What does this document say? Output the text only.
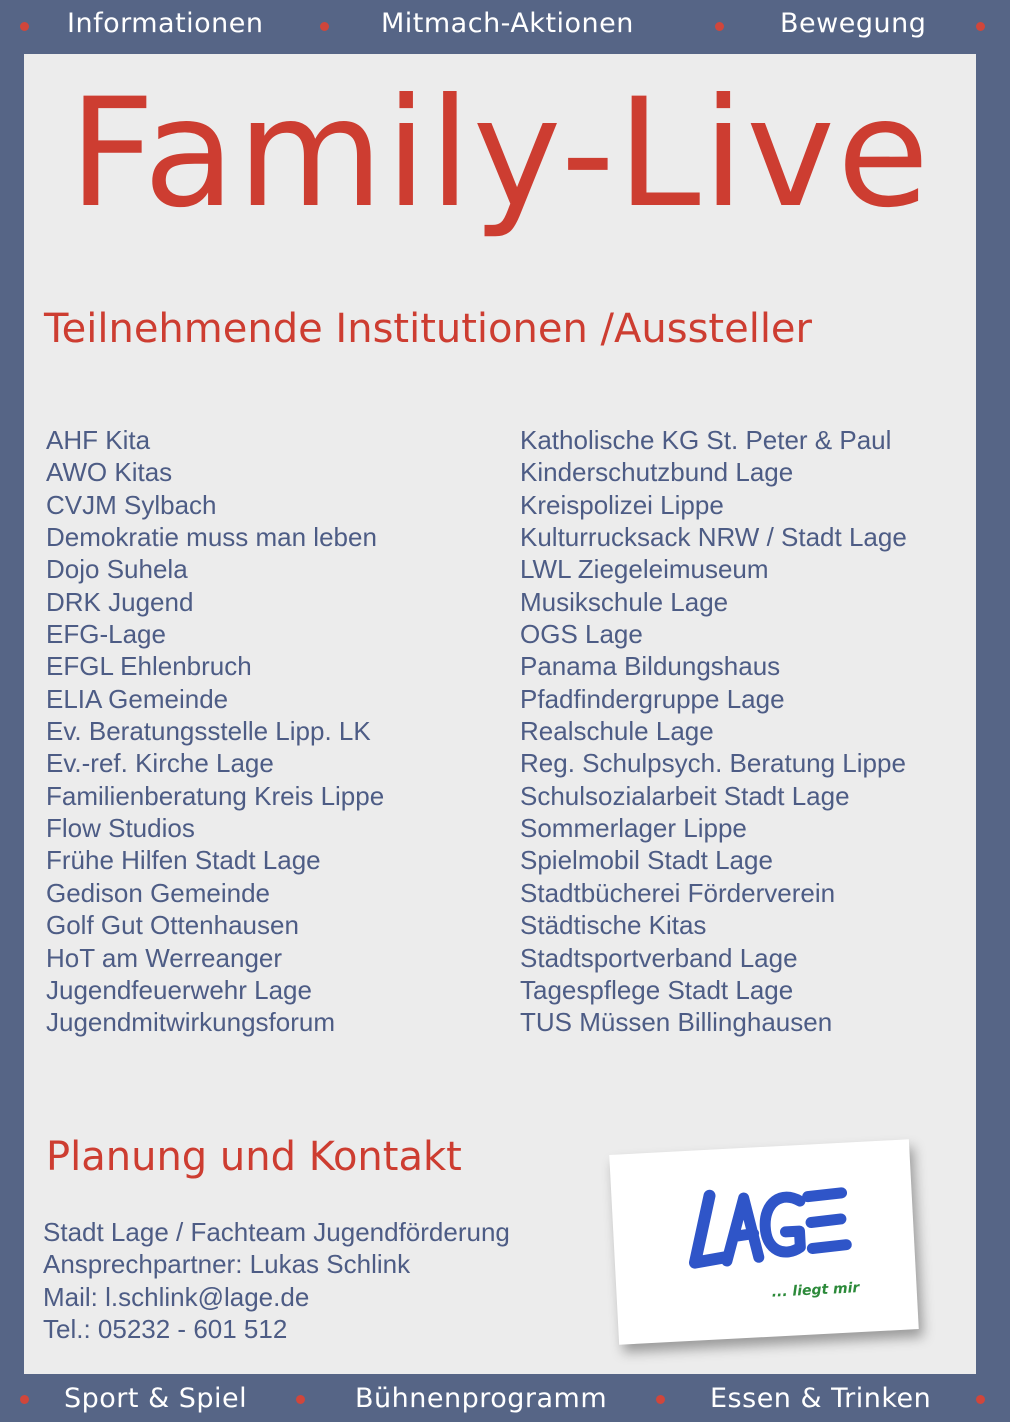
Informationen	Mitmach-Aktionen	Bewegung
Family-Live
Teilnehmende Institutionen /Aussteller
AHF Kita
AWO Kitas
CVJM Sylbach
Demokratie muss man leben
Dojo Suhela
DRK Jugend
EFG-Lage
EFGL Ehlenbruch
ELIA Gemeinde
Ev. Beratungsstelle Lipp. LK
Ev.-ref. Kirche Lage
Familienberatung Kreis Lippe
Flow Studios
Frühe Hilfen Stadt Lage
Gedison Gemeinde
Golf Gut Ottenhausen
HoT am Werreanger
Jugendfeuerwehr Lage
Jugendmitwirkungsforum
Katholische KG St. Peter & Paul
Kinderschutzbund Lage
Kreispolizei Lippe
Kulturrucksack NRW / Stadt Lage
LWL Ziegeleimuseum
Musikschule Lage
OGS Lage
Panama Bildungshaus
Pfadfindergruppe Lage
Realschule Lage
Reg. Schulpsych. Beratung Lippe
Schulsozialarbeit Stadt Lage
Sommerlager Lippe
Spielmobil Stadt Lage
Stadtbücherei Förderverein
Städtische Kitas
Stadtsportverband Lage
Tagespflege Stadt Lage
TUS Müssen Billinghausen
Planung und Kontakt
Stadt Lage / Fachteam Jugendförderung
Ansprechpartner: Lukas Schlink
Mail: l.schlink@lage.de
Tel.: 05232 - 601 512
... liegt mir
Sport & Spiel	Bühnenprogramm	Essen & Trinken
